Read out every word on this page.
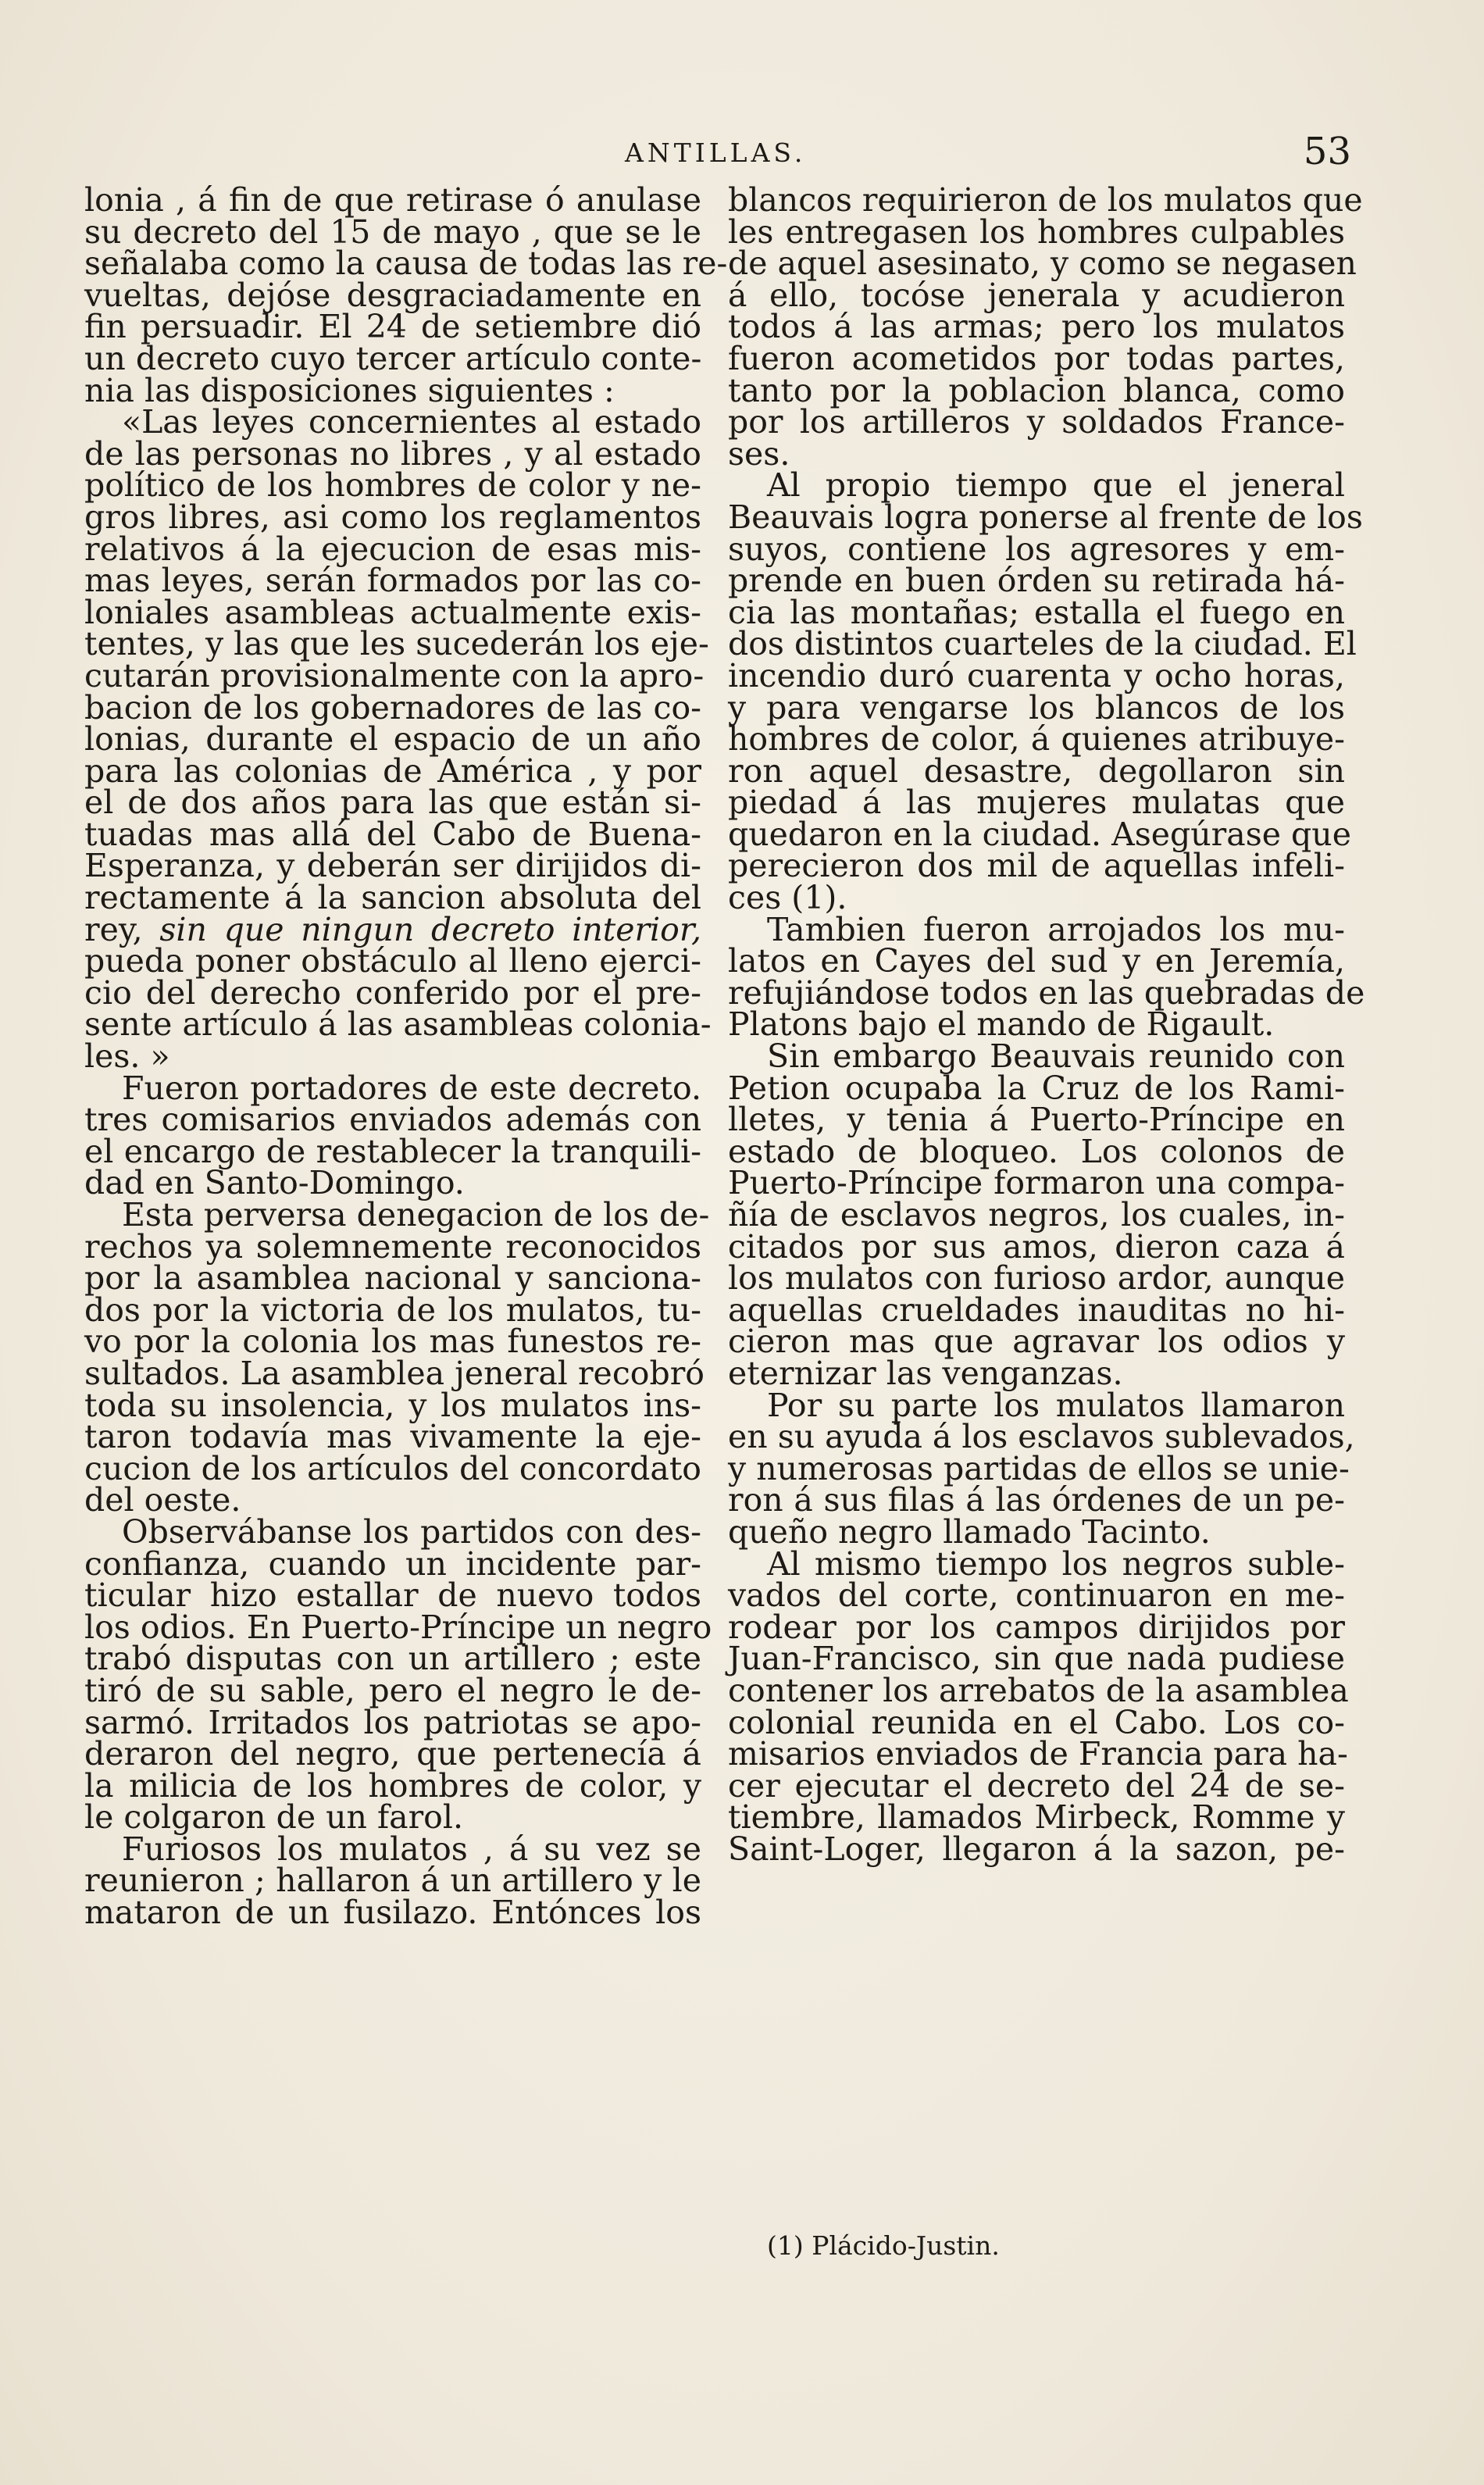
ANTILLAS.	53
lonia , á fin de que retirase ó anulase
su decreto del 15 de mayo , que se le
señalaba como la causa de todas las re-
vueltas, dejóse desgraciadamente en
fin persuadir. El 24 de setiembre dió
un decreto cuyo tercer artículo conte-
nia las disposiciones siguientes :
«Las leyes concernientes al estado
de las personas no libres , y al estado
político de los hombres de color y ne-
gros libres, asi como los reglamentos
relativos á la ejecucion de esas mis-
mas leyes, serán formados por las co-
loniales asambleas actualmente exis-
tentes, y las que les sucederán los eje-
cutarán provisionalmente con la apro-
bacion de los gobernadores de las co-
lonias, durante el espacio de un año
para las colonias de América , y por
el de dos años para las que están si-
tuadas mas allá del Cabo de Buena-
Esperanza, y deberán ser dirijidos di-
rectamente á la sancion absoluta del
rey, sin que ningun decreto interior,
pueda poner obstáculo al lleno ejerci-
cio del derecho conferido por el pre-
sente artículo á las asambleas colonia-
les. »
Fueron portadores de este decreto.
tres comisarios enviados además con
el encargo de restablecer la tranquili-
dad en Santo-Domingo.
Esta perversa denegacion de los de-
rechos ya solemnemente reconocidos
por la asamblea nacional y sanciona-
dos por la victoria de los mulatos, tu-
vo por la colonia los mas funestos re-
sultados. La asamblea jeneral recobró
toda su insolencia, y los mulatos ins-
taron todavía mas vivamente la eje-
cucion de los artículos del concordato
del oeste.
Observábanse los partidos con des-
confianza, cuando un incidente par-
ticular hizo estallar de nuevo todos
los odios. En Puerto-Príncipe un negro
trabó disputas con un artillero ; este
tiró de su sable, pero el negro le de-
sarmó. Irritados los patriotas se apo-
deraron del negro, que pertenecía á
la milicia de los hombres de color, y
le colgaron de un farol.
Furiosos los mulatos , á su vez se
reunieron ; hallaron á un artillero y le
mataron de un fusilazo. Entónces los
blancos requirieron de los mulatos que
les entregasen los hombres culpables
de aquel asesinato, y como se negasen
á ello, tocóse jenerala y acudieron
todos á las armas; pero los mulatos
fueron acometidos por todas partes,
tanto por la poblacion blanca, como
por los artilleros y soldados France-
ses.
Al propio tiempo que el jeneral
Beauvais logra ponerse al frente de los
suyos, contiene los agresores y em-
prende en buen órden su retirada há-
cia las montañas; estalla el fuego en
dos distintos cuarteles de la ciudad. El
incendio duró cuarenta y ocho horas,
y para vengarse los blancos de los
hombres de color, á quienes atribuye-
ron aquel desastre, degollaron sin
piedad á las mujeres mulatas que
quedaron en la ciudad. Asegúrase que
perecieron dos mil de aquellas infeli-
ces (1).
Tambien fueron arrojados los mu-
latos en Cayes del sud y en Jeremía,
refujiándose todos en las quebradas de
Platons bajo el mando de Rigault.
Sin embargo Beauvais reunido con
Petion ocupaba la Cruz de los Rami-
lletes, y tenia á Puerto-Príncipe en
estado de bloqueo. Los colonos de
Puerto-Príncipe formaron una compa-
ñía de esclavos negros, los cuales, in-
citados por sus amos, dieron caza á
los mulatos con furioso ardor, aunque
aquellas crueldades inauditas no hi-
cieron mas que agravar los odios y
eternizar las venganzas.
Por su parte los mulatos llamaron
en su ayuda á los esclavos sublevados,
y numerosas partidas de ellos se unie-
ron á sus filas á las órdenes de un pe-
queño negro llamado Tacinto.
Al mismo tiempo los negros suble-
vados del corte, continuaron en me-
rodear por los campos dirijidos por
Juan-Francisco, sin que nada pudiese
contener los arrebatos de la asamblea
colonial reunida en el Cabo. Los co-
misarios enviados de Francia para ha-
cer ejecutar el decreto del 24 de se-
tiembre, llamados Mirbeck, Romme y
Saint-Loger, llegaron á la sazon, pe-
(1) Plácido-Justin.
